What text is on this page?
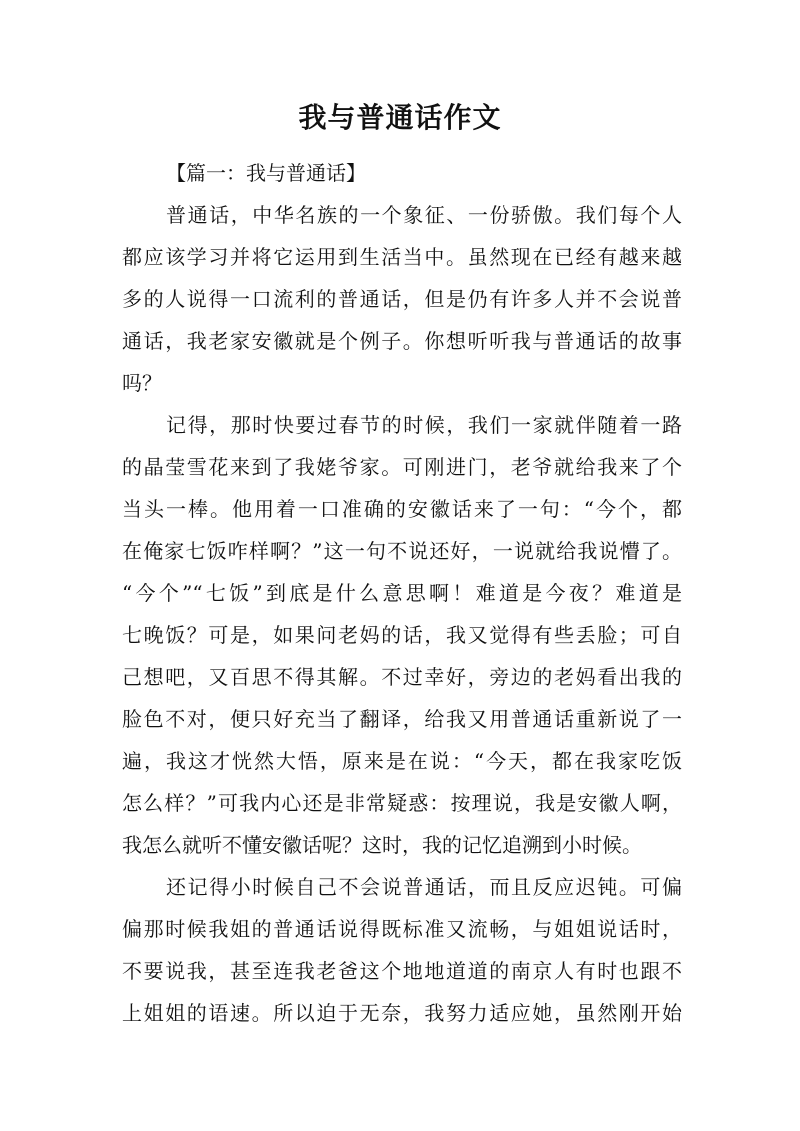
我与普通话作文

【篇一：我与普通话】

普通话，中华名族的一个象征、一份骄傲。我们每个人
都应该学习并将它运用到生活当中。虽然现在已经有越来越
多的人说得一口流利的普通话，但是仍有许多人并不会说普
通话，我老家安徽就是个例子。你想听听我与普通话的故事
吗？

记得，那时快要过春节的时候，我们一家就伴随着一路
的晶莹雪花来到了我姥爷家。可刚进门，老爷就给我来了个
当头一棒。他用着一口准确的安徽话来了一句：“今个，都
在俺家七饭咋样啊？”这一句不说还好，一说就给我说懵了。
“今个”“七饭”到底是什么意思啊！难道是今夜？难道是
七晚饭？可是，如果问老妈的话，我又觉得有些丢脸；可自
己想吧，又百思不得其解。不过幸好，旁边的老妈看出我的
脸色不对，便只好充当了翻译，给我又用普通话重新说了一
遍，我这才恍然大悟，原来是在说：“今天，都在我家吃饭
怎么样？”可我内心还是非常疑惑：按理说，我是安徽人啊，
我怎么就听不懂安徽话呢？这时，我的记忆追溯到小时候。

还记得小时候自己不会说普通话，而且反应迟钝。可偏
偏那时候我姐的普通话说得既标准又流畅，与姐姐说话时，
不要说我，甚至连我老爸这个地地道道的南京人有时也跟不
上姐姐的语速。所以迫于无奈，我努力适应她，虽然刚开始
